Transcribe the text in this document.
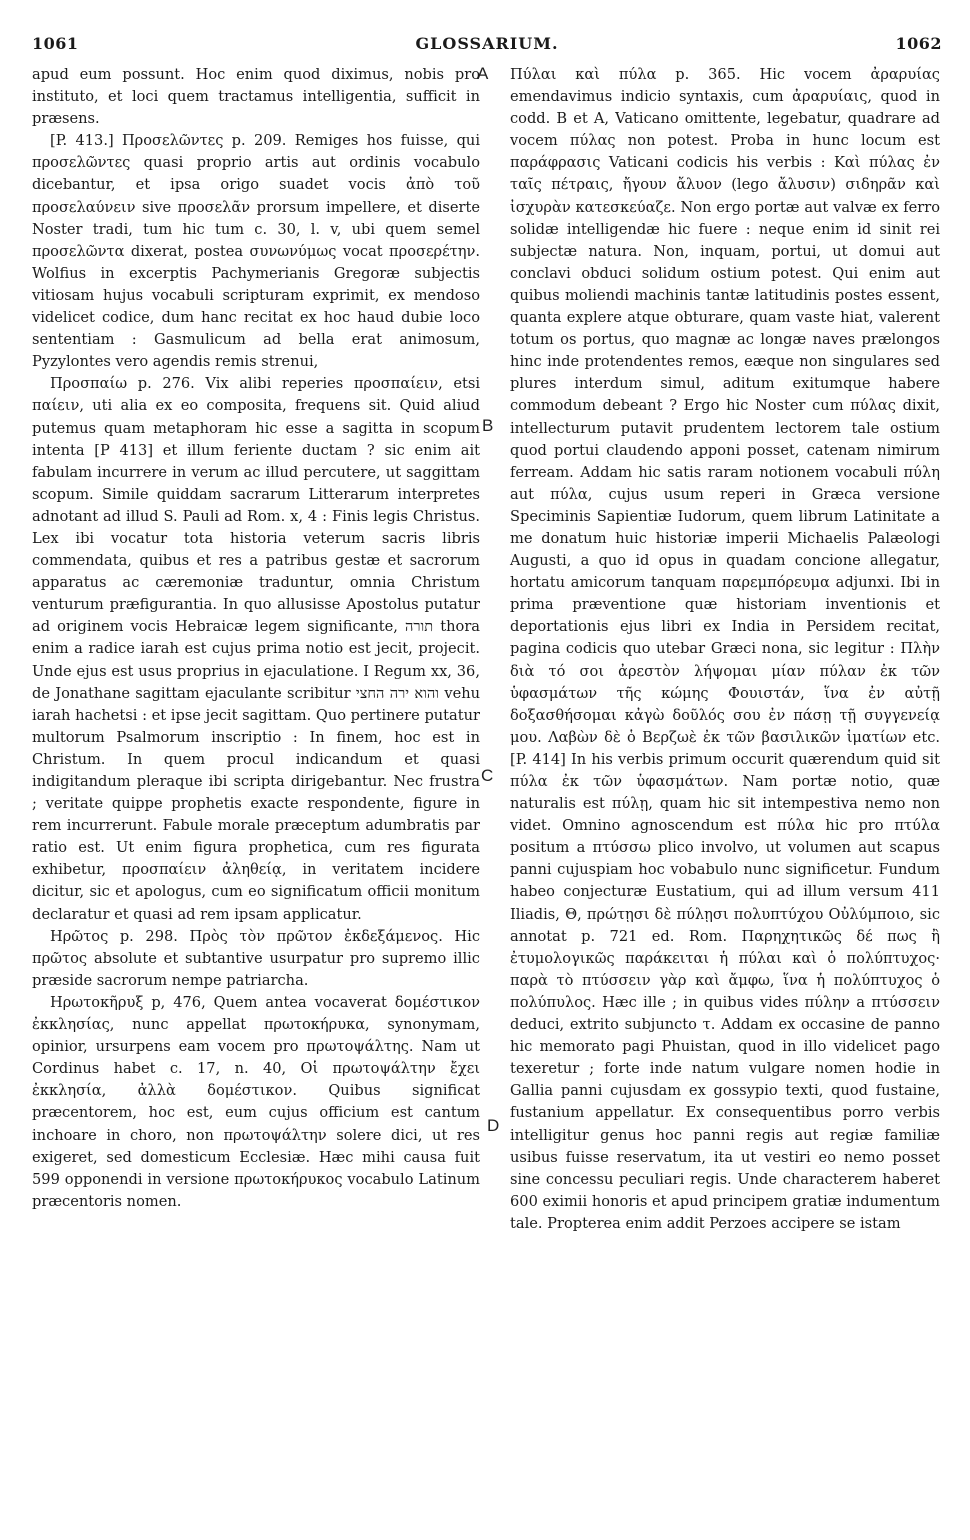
1061	GLOSSARIUM.	1062
A
B
C
D

apud eum possunt. Hoc enim quod diximus, nobis pro instituto, et loci quem tractamus intelligentia, sufficit in præsens.

[P. 413.] Προσελῶντες p. 209. Remiges hos fuisse, qui προσελῶντες quasi proprio artis aut ordinis vocabulo dicebantur, et ipsa origo suadet vocis ἀπὸ τοῦ προσελαύνειν sive προσελᾶν prorsum impellere, et diserte Noster tradi, tum hic tum c. 30, l. v, ubi quem semel προσελῶντα dixerat, postea συνωνύμως vocat προσερέτην. Wolfius in excerptis Pachymerianis Gregoræ subjectis vitiosam hujus vocabuli scripturam exprimit, ex mendoso videlicet codice, dum hanc recitat ex hoc haud dubie loco sententiam : Gasmulicum ad bella erat animosum, Pyzylontes vero agendis remis strenui,

Προσπαίω p. 276. Vix alibi reperies προσπαίειν, etsi παίειν, uti alia ex eo composita, frequens sit. Quid aliud putemus quam metaphoram hic esse a sagitta in scopum intenta [P 413] et illum feriente ductam ? sic enim ait fabulam incurrere in verum ac illud percutere, ut saggittam scopum. Simile quiddam sacrarum Litterarum interpretes adnotant ad illud S. Pauli ad Rom. x, 4 : Finis legis Christus. Lex ibi vocatur tota historia veterum sacris libris commendata, quibus et res a patribus gestæ et sacrorum apparatus ac cæremoniæ traduntur, omnia Christum venturum præfigurantia. In quo allusisse Apostolus putatur ad originem vocis Hebraicæ legem significante, תורה thora enim a radice iarah est cujus prima notio est jecit, projecit. Unde ejus est usus proprius in ejaculatione. I Regum xx, 36, de Jonathane sagittam ejaculante scribitur והוא ירה החצי vehu iarah hachetsi : et ipse jecit sagittam. Quo pertinere putatur multorum Psalmorum inscriptio : In finem, hoc est in Christum. In quem procul indicandum et quasi indigitandum pleraque ibi scripta dirigebantur. Nec frustra ; veritate quippe prophetis exacte respondente, figure in rem incurrerunt. Fabule morale præceptum adumbratis par ratio est. Ut enim figura prophetica, cum res figurata exhibetur, προσπαίειν ἀληθείᾳ, in veritatem incidere dicitur, sic et apologus, cum eo significatum officii monitum declaratur et quasi ad rem ipsam applicatur.

Ηρῶτος p. 298. Πρὸς τὸν πρῶτον ἐκδεξάμενος. Hic πρῶτος absolute et subtantive usurpatur pro supremo illic præside sacrorum nempe patriarcha.

Ηρωτοκῆρυξ p, 476, Quem antea vocaverat δομέστικον ἐκκλησίας, nunc appellat πρωτοκήρυκα, synonymam, opinior, ursurpens eam vocem pro πρωτοψάλτης. Nam ut Cordinus habet c. 17, n. 40, Οἱ πρωτοψάλτην ἔχει ἐκκλησία, ἀλλὰ δομέστικον. Quibus significat præcentorem, hoc est, eum cujus officium est cantum inchoare in choro, non πρωτοψάλτην solere dici, ut res exigeret, sed domesticum Ecclesiæ. Hæc mihi causa fuit 599 opponendi in versione πρωτοκήρυκος vocabulo Latinum præcentoris nomen.

Πύλαι καὶ πύλα p. 365. Hic vocem ἀραρυίας emendavimus indicio syntaxis, cum ἀραρυίαις, quod in codd. B et A, Vaticano omittente, legebatur, quadrare ad vocem πύλας non potest. Proba in hunc locum est παράφρασις Vaticani codicis his verbis : Καὶ πύλας ἐν ταῖς πέτραις, ἤγουν ἄλυον (lego ἄλυσιν) σιδηρᾶν καὶ ἰσχυρὰν κατεσκεύαζε. Non ergo portæ aut valvæ ex ferro solidæ intelligendæ hic fuere : neque enim id sinit rei subjectæ natura. Non, inquam, portui, ut domui aut conclavi obduci solidum ostium potest. Qui enim aut quibus moliendi machinis tantæ latitudinis postes essent, quanta explere atque obturare, quam vaste hiat, valerent totum os portus, quo magnæ ac longæ naves prælongos hinc inde protendentes remos, eæque non singulares sed plures interdum simul, aditum exitumque habere commodum debeant ? Ergo hic Noster cum πύλας dixit, intellecturum putavit prudentem lectorem tale ostium quod portui claudendo apponi posset, catenam nimirum ferream. Addam hic satis raram notionem vocabuli πύλη aut πύλα, cujus usum reperi in Græca versione Speciminis Sapientiæ Iudorum, quem librum Latinitate a me donatum huic historiæ imperii Michaelis Palæologi Augusti, a quo id opus in quadam concione allegatur, hortatu amicorum tanquam παρεμπόρευμα adjunxi. Ibi in prima præventione quæ historiam inventionis et deportationis ejus libri ex India in Persidem recitat, pagina codicis quo utebar Græci nona, sic legitur : Πλὴν διὰ τό σοι ἀρεστὸν λήψομαι μίαν πύλαν ἐκ τῶν ὑφασμάτων τῆς κώμης Φουιστάν, ἵνα ἐν αὐτῇ δοξασθήσομαι κἀγὼ δοῦλός σου ἐν πάσῃ τῇ συγγενείᾳ μου. Λαβὼν δὲ ὁ Βερζωὲ ἐκ τῶν βασιλικῶν ἱματίων etc. [P. 414] In his verbis primum occurit quærendum quid sit πύλα ἐκ τῶν ὑφασμάτων. Nam portæ notio, quæ naturalis est πύλῃ, quam hic sit intempestiva nemo non videt. Omnino agnoscendum est πύλα hic pro πτύλα positum a πτύσσω plico involvo, ut volumen aut scapus panni cujuspiam hoc vobabulo nunc significetur. Fundum habeo conjecturæ Eustatium, qui ad illum versum 411 Iliadis, Θ, πρώτῃσι δὲ πύλῃσι πολυπτύχου Οὐλύμποιο, sic annotat p. 721 ed. Rom. Παρηχητικῶς δέ πως ἢ ἐτυμολογικῶς παράκειται ἡ πύλαι καὶ ὁ πολύπτυχος· παρὰ τὸ πτύσσειν γὰρ καὶ ἄμφω, ἵνα ἡ πολύπτυχος ὁ πολύπυλος. Hæc ille ; in quibus vides πύλην a πτύσσειν deduci, extrito subjuncto τ. Addam ex occasine de panno hic memorato pagi Phuistan, quod in illo videlicet pago texeretur ; forte inde natum vulgare nomen hodie in Gallia panni cujusdam ex gossypio texti, quod fustaine, fustanium appellatur. Ex consequentibus porro verbis intelligitur genus hoc panni regis aut regiæ familiæ usibus fuisse reservatum, ita ut vestiri eo nemo posset sine concessu peculiari regis. Unde characterem haberet 600 eximii honoris et apud principem gratiæ indumentum tale. Propterea enim addit Perzoes accipere se istam
